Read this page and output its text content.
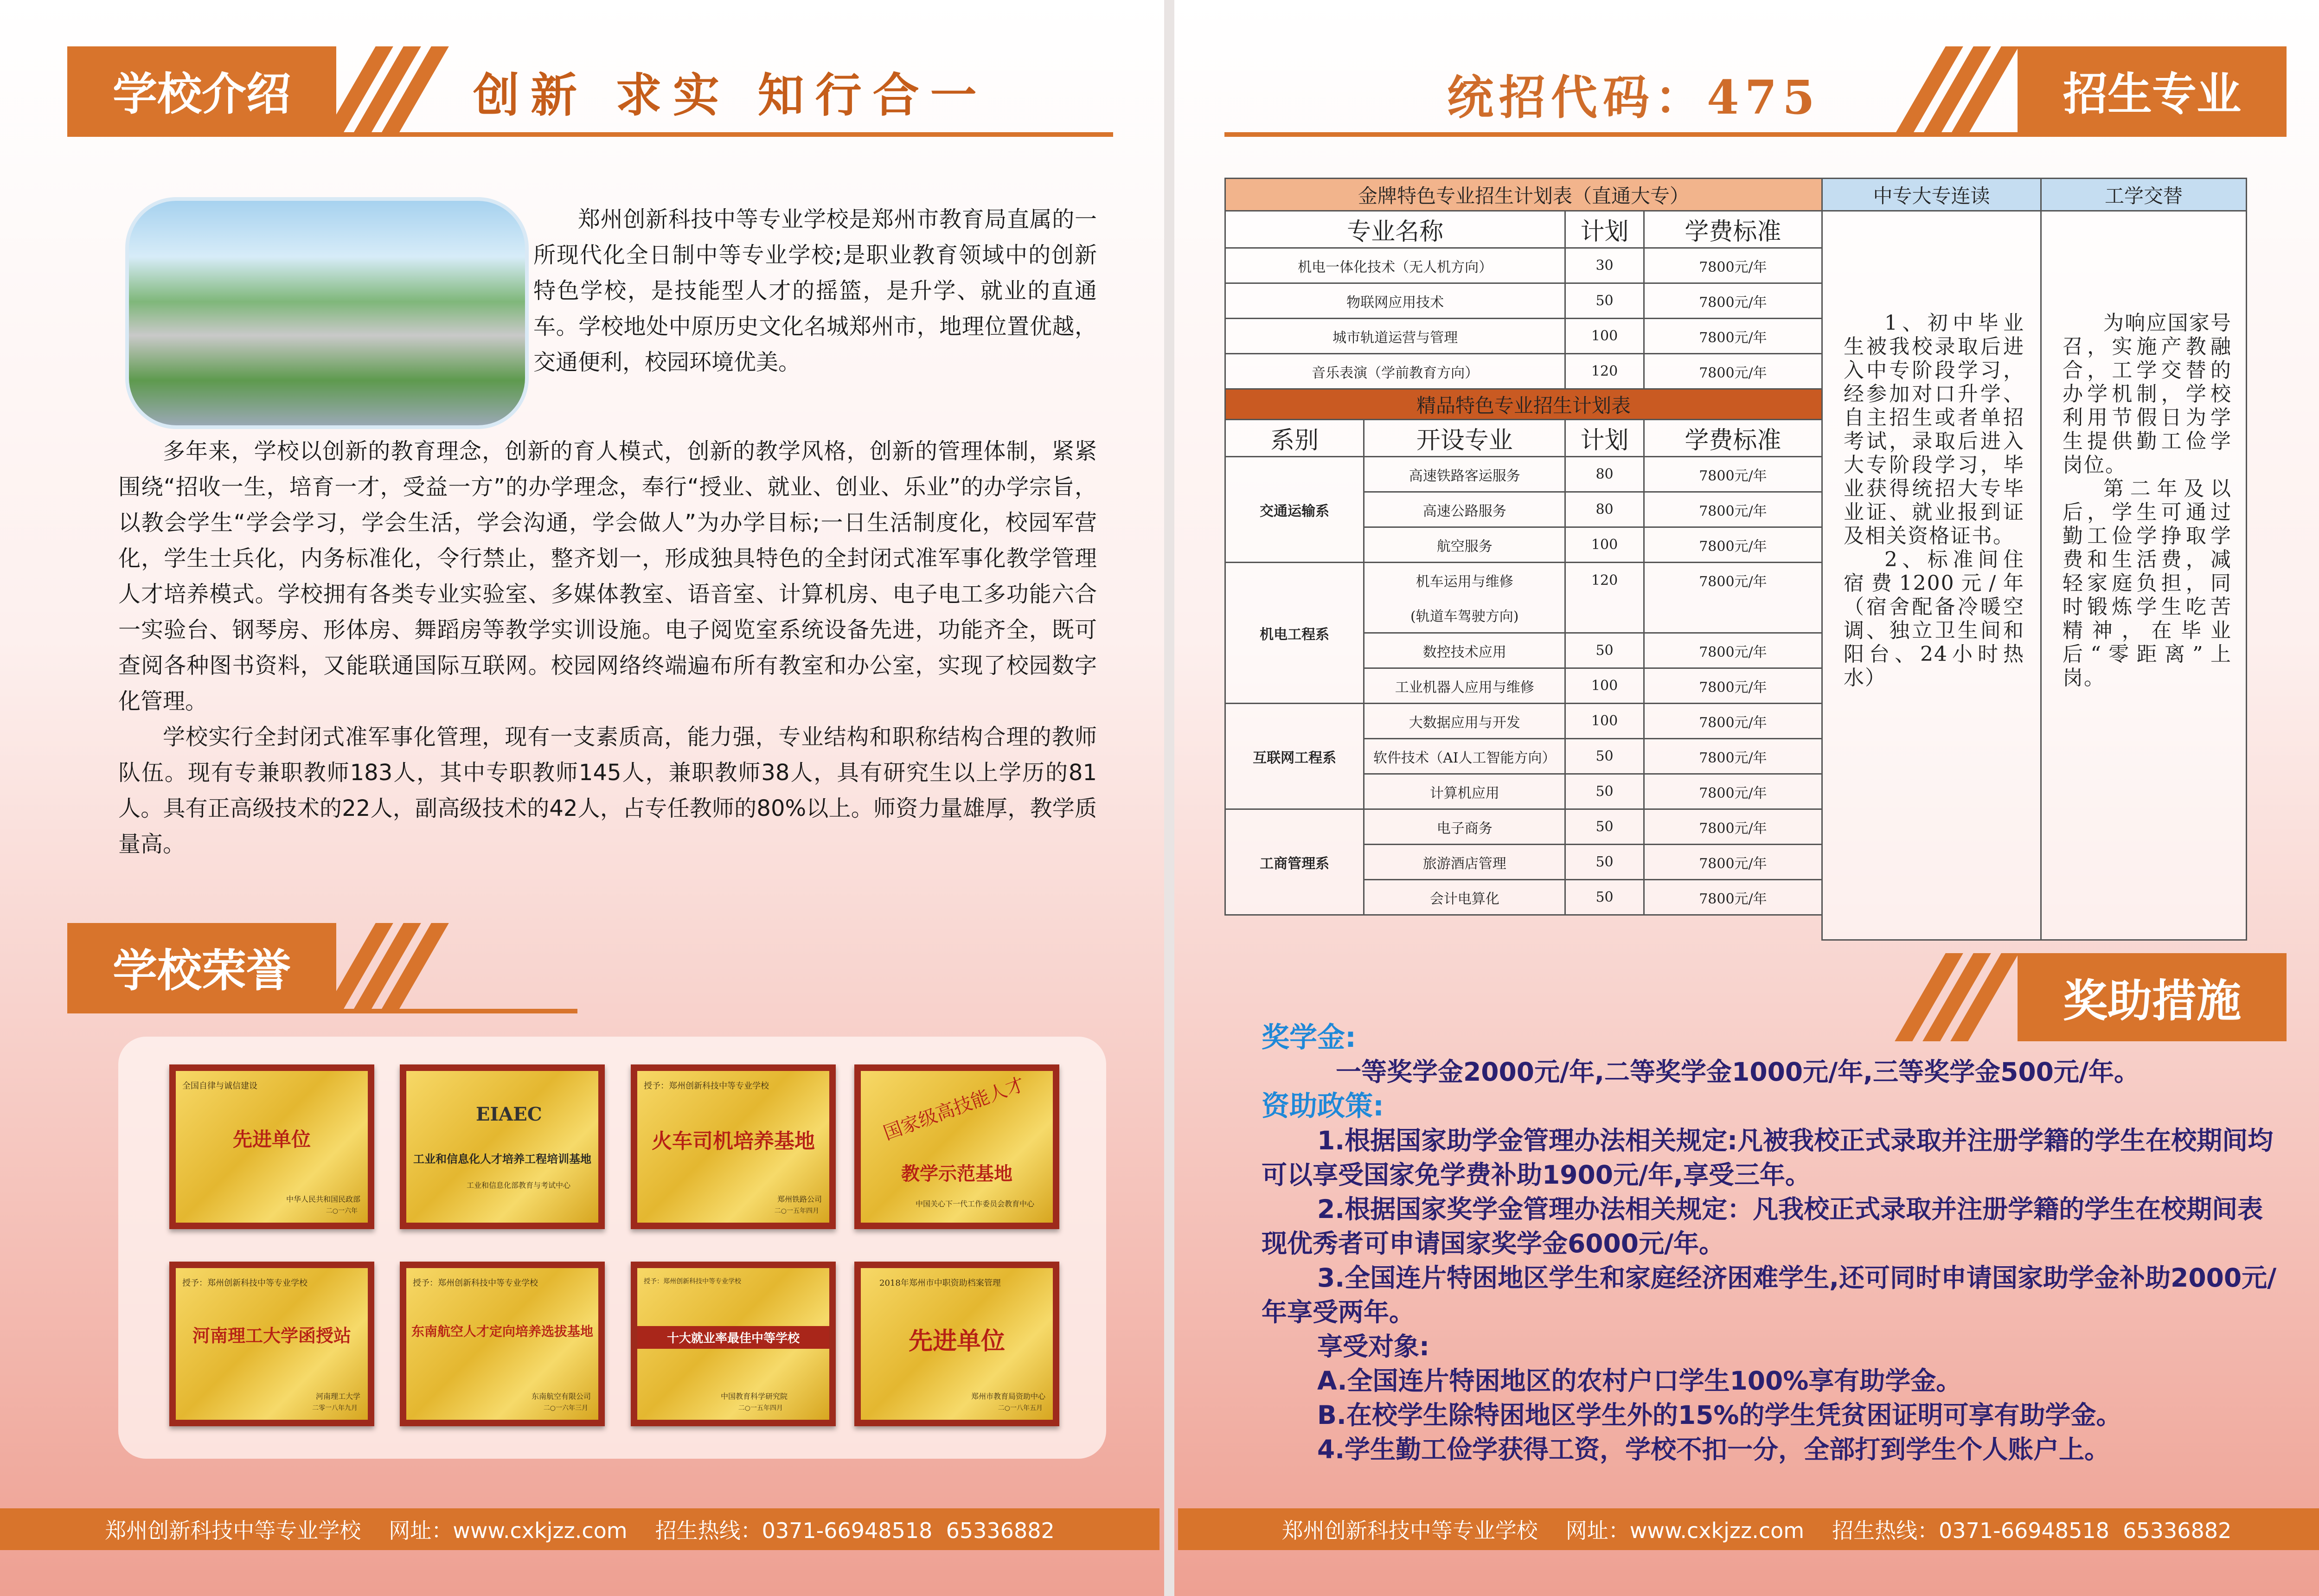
学校介绍	创新 求实 知行合一

郑州创新科技中等专业学校是郑州市教育局直属的一所现代化全日制中等专业学校;是职业教育领域中的创新特色学校，是技能型人才的摇篮，是升学、就业的直通车。学校地处中原历史文化名城郑州市，地理位置优越，交通便利，校园环境优美。

多年来，学校以创新的教育理念，创新的育人模式，创新的教学风格，创新的管理体制，紧紧围绕“招收一生，培育一才，受益一方”的办学理念，奉行“授业、就业、创业、乐业”的办学宗旨，以教会学生“学会学习，学会生活，学会沟通，学会做人”为办学目标;一日生活制度化，校园军营化，学生士兵化，内务标准化，令行禁止，整齐划一，形成独具特色的全封闭式准军事化教学管理人才培养模式。学校拥有各类专业实验室、多媒体教室、语音室、计算机房、电子电工多功能六合一实验台、钢琴房、形体房、舞蹈房等教学实训设施。电子阅览室系统设备先进，功能齐全，既可查阅各种图书资料，又能联通国际互联网。校园网络终端遍布所有教室和办公室，实现了校园数字化管理。

学校实行全封闭式准军事化管理，现有一支素质高，能力强，专业结构和职称结构合理的教师队伍。现有专兼职教师183人，其中专职教师145人，兼职教师38人，具有研究生以上学历的81人。具有正高级技术的22人，副高级技术的42人，占专任教师的80%以上。师资力量雄厚，教学质量高。

学校荣誉
全国自律与诚信建设
先进单位
中华人民共和国民政部
二○一六年
EIAEC
工业和信息化人才培养工程培训基地
工业和信息化部教育与考试中心
授予：郑州创新科技中等专业学校
火车司机培养基地
郑州铁路公司
二○一五年四月
国家级高技能人才
教学示范基地
中国关心下一代工作委员会教育中心
授予：郑州创新科技中等专业学校
河南理工大学函授站
河南理工大学
二零一八年九月
授予：郑州创新科技中等专业学校
东南航空人才定向培养选拔基地
东南航空有限公司
二○一六年三月
授予：郑州创新科技中等专业学校
十大就业率最佳中等学校
中国教育科学研究院
二○一五年四月
2018年郑州市中职资助档案管理
先进单位
郑州市教育局资助中心
二○一八年五月
郑州创新科技中等专业学校 网址：www.cxkjzz.com 招生热线：0371-66948518  65336882
统招代码：475	招生专业
奖助措施
郑州创新科技中等专业学校 网址：www.cxkjzz.com 招生热线：0371-66948518  65336882
金牌特色专业招生计划表（直通大专）			
专业名称		计划	学费标准
机电一体化技术（无人机方向）		30	7800元/年
物联网应用技术		50	7800元/年
城市轨道运营与管理		100	7800元/年
音乐表演（学前教育方向）		120	7800元/年
精品特色专业招生计划表			
系别	开设专业	计划	学费标准
交通运输系	高速铁路客运服务	80	7800元/年
	高速公路服务	80	7800元/年
	航空服务	100	7800元/年
机电工程系	机车运用与维修	120	7800元/年
	(轨道车驾驶方向)		
	数控技术应用	50	7800元/年
	工业机器人应用与维修	100	7800元/年
互联网工程系	大数据应用与开发	100	7800元/年
	软件技术（AI人工智能方向）	50	7800元/年
	计算机应用	50	7800元/年
工商管理系	电子商务	50	7800元/年
	旅游酒店管理	50	7800元/年
	会计电算化	50	7800元/年
中专大专连读

1、初中毕业生被我校录取后进入中专阶段学习，经参加对口升学、自主招生或者单招考试，录取后进入大专阶段学习，毕业获得统招大专毕业证、就业报到证及相关资格证书。

2、标准间住宿费1200元/年（宿舍配备冷暖空调、独立卫生间和阳台、24小时热水）

工学交替

为响应国家号召，实施产教融合，工学交替的办学机制，学校利用节假日为学生提供勤工俭学岗位。

第二年及以后，学生可通过勤工俭学挣取学费和生活费，减轻家庭负担，同时锻炼学生吃苦精神，在毕业后“零距离”上岗。

奖学金:
一等奖学金2000元/年,二等奖学金1000元/年,三等奖学金500元/年。
资助政策:
1.根据国家助学金管理办法相关规定:凡被我校正式录取并注册学籍的学生在校期间均可以享受国家免学费补助1900元/年,享受三年。
2.根据国家奖学金管理办法相关规定：凡我校正式录取并注册学籍的学生在校期间表现优秀者可申请国家奖学金6000元/年。
3.全国连片特困地区学生和家庭经济困难学生,还可同时申请国家助学金补助2000元/年享受两年。
享受对象:
A.全国连片特困地区的农村户口学生100%享有助学金。
B.在校学生除特困地区学生外的15%的学生凭贫困证明可享有助学金。
4.学生勤工俭学获得工资，学校不扣一分，全部打到学生个人账户上。
